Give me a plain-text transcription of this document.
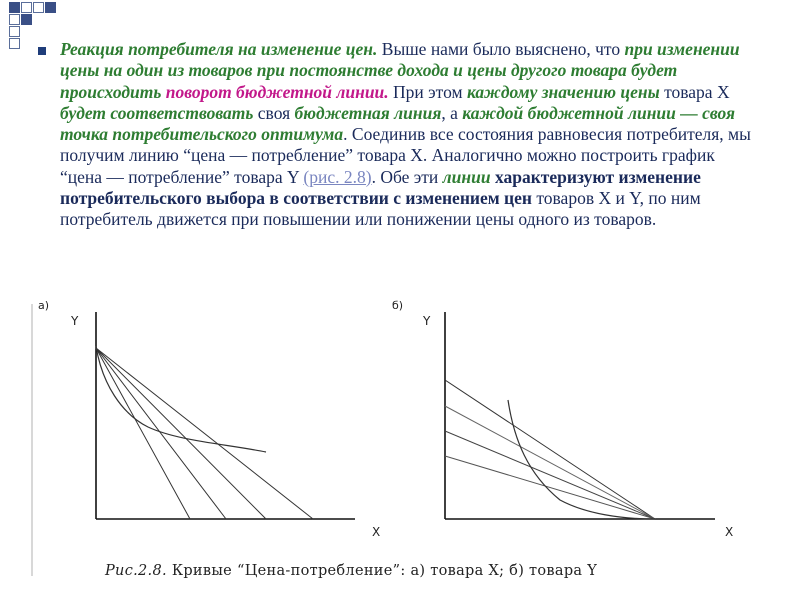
Реакция потребителя на изменение цен. Выше нами было выяснено, что при изменении цены на один из товаров при постоянстве дохода и цены другого товара будет происходить поворот бюджетной линии. При этом каждому значению цены товара X будет соответствовать своя бюджетная линия, а каждой бюджетной линии — своя точка потребительского оптимума. Соединив все состояния равновесия потребителя, мы получим линию “цена — потребление” товара X. Аналогично можно построить график “цена — потребление” товара Y (рис. 2.8). Обе эти линии характеризуют изменение потребительского выбора в соответствии с изменением цен товаров X и Y, по ним потребитель движется при повышении или понижении цены одного из товаров.
а)
Y
X
б)
Y
X
Рис.2.8. Кривые “Цена-потребление”: а) товара X; б) товара Y
